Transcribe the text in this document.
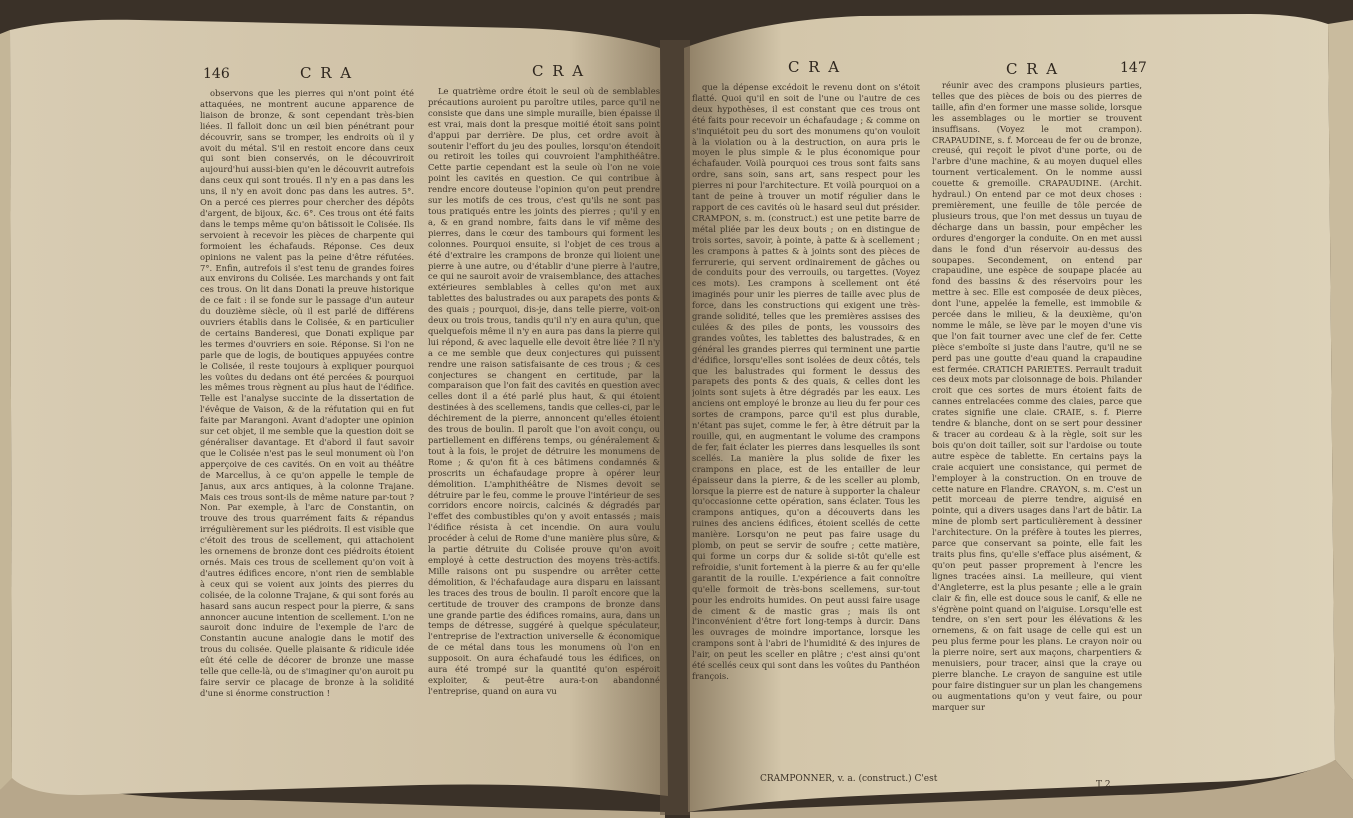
146	C R A	C R A

observons que les pierres qui n'ont point été attaquées, ne montrent aucune apparence de liaison de bronze, & sont cependant très-bien liées. Il falloit donc un œil bien pénétrant pour découvrir, sans se tromper, les endroits où il y avoit du métal. S'il en restoit encore dans ceux qui sont bien conservés, on le découvriroit aujourd'hui aussi-bien qu'en le découvrit autrefois dans ceux qui sont troués. Il n'y en a pas dans les uns, il n'y en avoit donc pas dans les autres. 5°. On a percé ces pierres pour chercher des dépôts d'argent, de bijoux, &c. 6°. Ces trous ont été faits dans le temps même qu'on bâtissoit le Colisée. Ils servoient à recevoir les pièces de charpente qui formoient les échafauds. Réponse. Ces deux opinions ne valent pas la peine d'être réfutées. 7°. Enfin, autrefois il s'est tenu de grandes foires aux environs du Colisée. Les marchands y ont fait ces trous. On lit dans Donati la preuve historique de ce fait : il se fonde sur le passage d'un auteur du douzième siècle, où il est parlé de différens ouvriers établis dans le Colisée, & en particulier de certains Banderesi, que Donati explique par les termes d'ouvriers en soie. Réponse. Si l'on ne parle que de logis, de boutiques appuyées contre le Colisée, il reste toujours à expliquer pourquoi les voûtes du dedans ont été percées & pourquoi les mêmes trous règnent au plus haut de l'édifice. Telle est l'analyse succinte de la dissertation de l'évêque de Vaison, & de la réfutation qui en fut faite par Marangoni. Avant d'adopter une opinion sur cet objet, il me semble que la question doit se généraliser davantage. Et d'abord il faut savoir que le Colisée n'est pas le seul monument où l'on apperçoive de ces cavités. On en voit au théâtre de Marcellus, à ce qu'on appelle le temple de Janus, aux arcs antiques, à la colonne Trajane. Mais ces trous sont-ils de même nature par-tout ? Non. Par exemple, à l'arc de Constantin, on trouve des trous quarrément faits & répandus irrégulièrement sur les piédroits. Il est visible que c'étoit des trous de scellement, qui attachoient les ornemens de bronze dont ces piédroits étoient ornés. Mais ces trous de scellement qu'on voit à d'autres édifices encore, n'ont rien de semblable à ceux qui se voient aux joints des pierres du colisée, de la colonne Trajane, & qui sont forés au hasard sans aucun respect pour la pierre, & sans annoncer aucune intention de scellement. L'on ne sauroit donc induire de l'exemple de l'arc de Constantin aucune analogie dans le motif des trous du colisée. Quelle plaisante & ridicule idée eût été celle de décorer de bronze une masse telle que celle-là, ou de s'imaginer qu'on auroit pu faire servir ce placage de bronze à la solidité d'une si énorme construction !

Le quatrième ordre étoit le seul où de semblables précautions auroient pu paroître utiles, parce qu'il ne consiste que dans une simple muraille, bien épaisse il est vrai, mais dont la presque moitié étoit sans point d'appui par derrière. De plus, cet ordre avoit à soutenir l'effort du jeu des poulies, lorsqu'on étendoit ou retiroit les toiles qui couvroient l'amphithéâtre. Cette partie cependant est la seule où l'on ne voie point les cavités en question. Ce qui contribue à rendre encore douteuse l'opinion qu'on peut prendre sur les motifs de ces trous, c'est qu'ils ne sont pas tous pratiqués entre les joints des pierres ; qu'il y en a, & en grand nombre, faits dans le vif même des pierres, dans le cœur des tambours qui forment les colonnes. Pourquoi ensuite, si l'objet de ces trous a été d'extraire les crampons de bronze qui lioient une pierre à une autre, ou d'établir d'une pierre à l'autre, ce qui ne sauroit avoir de vraisemblance, des attaches extérieures semblables à celles qu'on met aux tablettes des balustrades ou aux parapets des ponts & des quais ; pourquoi, dis-je, dans telle pierre, voit-on deux ou trois trous, tandis qu'il n'y en aura qu'un, que quelquefois même il n'y en aura pas dans la pierre qui lui répond, & avec laquelle elle devoit être liée ? Il n'y a ce me semble que deux conjectures qui puissent rendre une raison satisfaisante de ces trous ; & ces conjectures se changent en certitude, par la comparaison que l'on fait des cavités en question avec celles dont il a été parlé plus haut, & qui étoient destinées à des scellemens, tandis que celles-ci, par le déchirement de la pierre, annoncent qu'elles étoient des trous de boulin. Il paroît que l'on avoit conçu, ou partiellement en différens temps, ou généralement & tout à la fois, le projet de détruire les monumens de Rome ; & qu'on fit à ces bâtimens condamnés & proscrits un échafaudage propre à opérer leur démolition. L'amphithéâtre de Nismes devoit se détruire par le feu, comme le prouve l'intérieur de ses corridors encore noircis, calcinés & dégradés par l'effet des combustibles qu'on y avoit entassés ; mais l'édifice résista à cet incendie. On aura voulu procéder à celui de Rome d'une manière plus sûre, & la partie détruite du Colisée prouve qu'on avoit employé à cette destruction des moyens très-actifs. Mille raisons ont pu suspendre ou arrêter cette démolition, & l'échafaudage aura disparu en laissant les traces des trous de boulin. Il paroît encore que la certitude de trouver des crampons de bronze dans une grande partie des édifices romains, aura, dans un temps de détresse, suggéré à quelque spéculateur, l'entreprise de l'extraction universelle & économique de ce métal dans tous les monumens où l'on en supposoit. On aura échafaudé tous les édifices, on aura été trompé sur la quantité qu'on espéroit exploiter, & peut-être aura-t-on abandonné l'entreprise, quand on aura vu

C R A	C R A	147

que la dépense excédoit le revenu dont on s'étoit flatté. Quoi qu'il en soit de l'une ou l'autre de ces deux hypothèses, il est constant que ces trous ont été faits pour recevoir un échafaudage ; & comme on s'inquiétoit peu du sort des monumens qu'on vouloit à la violation ou à la destruction, on aura pris le moyen le plus simple & le plus économique pour échafauder. Voilà pourquoi ces trous sont faits sans ordre, sans soin, sans art, sans respect pour les pierres ni pour l'architecture. Et voilà pourquoi on a tant de peine à trouver un motif régulier dans le rapport de ces cavités où le hasard seul dut présider. CRAMPON, s. m. (construct.) est une petite barre de métal pliée par les deux bouts ; on en distingue de trois sortes, savoir, à pointe, à patte & à scellement ; les crampons à pattes & à joints sont des pièces de ferrurerie, qui servent ordinairement de gâches ou de conduits pour des verrouils, ou targettes. (Voyez ces mots). Les crampons à scellement ont été imaginés pour unir les pierres de taille avec plus de force, dans les constructions qui exigent une très-grande solidité, telles que les premières assises des culées & des piles de ponts, les voussoirs des grandes voûtes, les tablettes des balustrades, & en général les grandes pierres qui terminent une partie d'édifice, lorsqu'elles sont isolées de deux côtés, tels que les balustrades qui forment le dessus des parapets des ponts & des quais, & celles dont les joints sont sujets à être dégradés par les eaux. Les anciens ont employé le bronze au lieu du fer pour ces sortes de crampons, parce qu'il est plus durable, n'étant pas sujet, comme le fer, à être détruit par la rouille, qui, en augmentant le volume des crampons de fer, fait éclater les pierres dans lesquelles ils sont scellés. La manière la plus solide de fixer les crampons en place, est de les entailler de leur épaisseur dans la pierre, & de les sceller au plomb, lorsque la pierre est de nature à supporter la chaleur qu'occasionne cette opération, sans éclater. Tous les crampons antiques, qu'on a découverts dans les ruines des anciens édifices, étoient scellés de cette manière. Lorsqu'on ne peut pas faire usage du plomb, on peut se servir de soufre ; cette matière, qui forme un corps dur & solide si-tôt qu'elle est refroidie, s'unit fortement à la pierre & au fer qu'elle garantit de la rouille. L'expérience a fait connoître qu'elle formoit de très-bons scellemens, sur-tout pour les endroits humides. On peut aussi faire usage de ciment & de mastic gras ; mais ils ont l'inconvénient d'être fort long-temps à durcir. Dans les ouvrages de moindre importance, lorsque les crampons sont à l'abri de l'humidité & des injures de l'air, on peut les sceller en plâtre ; c'est ainsi qu'ont été scellés ceux qui sont dans les voûtes du Panthéon françois.

CRAMPONNER, v. a. (construct.) C'est

réunir avec des crampons plusieurs parties, telles que des pièces de bois ou des pierres de taille, afin d'en former une masse solide, lorsque les assemblages ou le mortier se trouvent insuffisans. (Voyez le mot crampon). CRAPAUDINE, s. f. Morceau de fer ou de bronze, creusé, qui reçoit le pivot d'une porte, ou de l'arbre d'une machine, & au moyen duquel elles tournent verticalement. On le nomme aussi couette & gremoille. CRAPAUDINE. (Archit. hydraul.) On entend par ce mot deux choses : premièrement, une feuille de tôle percée de plusieurs trous, que l'on met dessus un tuyau de décharge dans un bassin, pour empêcher les ordures d'engorger la conduite. On en met aussi dans le fond d'un réservoir au-dessus des soupapes. Secondement, on entend par crapaudine, une espèce de soupape placée au fond des bassins & des réservoirs pour les mettre à sec. Elle est composée de deux pièces, dont l'une, appelée la femelle, est immobile & percée dans le milieu, & la deuxième, qu'on nomme le mâle, se lève par le moyen d'une vis que l'on fait tourner avec une clef de fer. Cette pièce s'emboîte si juste dans l'autre, qu'il ne se perd pas une goutte d'eau quand la crapaudine est fermée. CRATICH PARIETES. Perrault traduit ces deux mots par cloisonnage de bois. Philander croit que ces sortes de murs étoient faits de cannes entrelacées comme des claies, parce que crates signifie une claie. CRAIE, s. f. Pierre tendre & blanche, dont on se sert pour dessiner & tracer au cordeau & à la règle, soit sur les bois qu'on doit tailler, soit sur l'ardoise ou toute autre espèce de tablette. En certains pays la craie acquiert une consistance, qui permet de l'employer à la construction. On en trouve de cette nature en Flandre. CRAYON, s. m. C'est un petit morceau de pierre tendre, aiguisé en pointe, qui a divers usages dans l'art de bâtir. La mine de plomb sert particulièrement à dessiner l'architecture. On la préfère à toutes les pierres, parce que conservant sa pointe, elle fait les traits plus fins, qu'elle s'efface plus aisément, & qu'on peut passer proprement à l'encre les lignes tracées ainsi. La meilleure, qui vient d'Angleterre, est la plus pesante ; elle a le grain clair & fin, elle est douce sous le canif, & elle ne s'égrène point quand on l'aiguise. Lorsqu'elle est tendre, on s'en sert pour les élévations & les ornemens, & on fait usage de celle qui est un peu plus ferme pour les plans. Le crayon noir ou la pierre noire, sert aux maçons, charpentiers & menuisiers, pour tracer, ainsi que la craye ou pierre blanche. Le crayon de sanguine est utile pour faire distinguer sur un plan les changemens ou augmentations qu'on y veut faire, ou pour marquer sur

T 2
